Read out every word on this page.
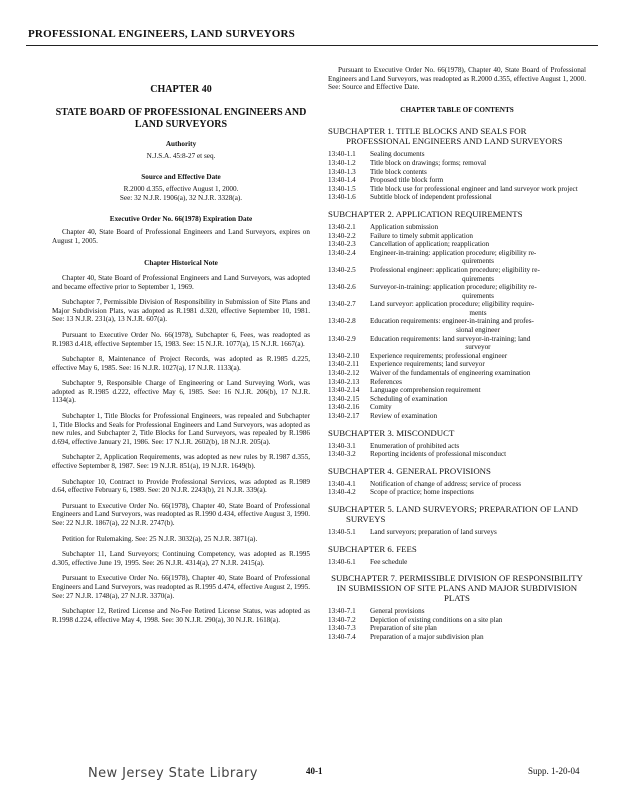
PROFESSIONAL ENGINEERS, LAND SURVEYORS
CHAPTER 40
STATE BOARD OF PROFESSIONAL ENGINEERS AND LAND SURVEYORS
Authority
N.J.S.A. 45:8-27 et seq.
Source and Effective Date
R.2000 d.355, effective August 1, 2000.
See: 32 N.J.R. 1906(a), 32 N.J.R. 3328(a).
Executive Order No. 66(1978) Expiration Date

Chapter 40, State Board of Professional Engineers and Land Surveyors, expires on August 1, 2005.

Chapter Historical Note

Chapter 40, State Board of Professional Engineers and Land Surveyors, was adopted and became effective prior to September 1, 1969.

Subchapter 7, Permissible Division of Responsibility in Submission of Site Plans and Major Subdivision Plats, was adopted as R.1981 d.320, effective September 10, 1981. See: 13 N.J.R. 231(a), 13 N.J.R. 607(a).

Pursuant to Executive Order No. 66(1978), Subchapter 6, Fees, was readopted as R.1983 d.418, effective September 15, 1983. See: 15 N.J.R. 1077(a), 15 N.J.R. 1667(a).

Subchapter 8, Maintenance of Project Records, was adopted as R.1985 d.225, effective May 6, 1985. See: 16 N.J.R. 1027(a), 17 N.J.R. 1133(a).

Subchapter 9, Responsible Charge of Engineering or Land Surveying Work, was adopted as R.1985 d.222, effective May 6, 1985. See: 16 N.J.R. 206(b), 17 N.J.R. 1134(a).

Subchapter 1, Title Blocks for Professional Engineers, was repealed and Subchapter 1, Title Blocks and Seals for Professional Engineers and Land Surveyors, was adopted as new rules, and Subchapter 2, Title Blocks for Land Surveyors, was repealed by R.1986 d.694, effective January 21, 1986. See: 17 N.J.R. 2602(b), 18 N.J.R. 205(a).

Subchapter 2, Application Requirements, was adopted as new rules by R.1987 d.355, effective September 8, 1987. See: 19 N.J.R. 851(a), 19 N.J.R. 1649(b).

Subchapter 10, Contract to Provide Professional Services, was adopted as R.1989 d.64, effective February 6, 1989. See: 20 N.J.R. 2243(b), 21 N.J.R. 339(a).

Pursuant to Executive Order No. 66(1978), Chapter 40, State Board of Professional Engineers and Land Surveyors, was readopted as R.1990 d.434, effective August 3, 1990. See: 22 N.J.R. 1867(a), 22 N.J.R. 2747(b).

Petition for Rulemaking. See: 25 N.J.R. 3032(a), 25 N.J.R. 3871(a).

Subchapter 11, Land Surveyors; Continuing Competency, was adopted as R.1995 d.305, effective June 19, 1995. See: 26 N.J.R. 4314(a), 27 N.J.R. 2415(a).

Pursuant to Executive Order No. 66(1978), Chapter 40, State Board of Professional Engineers and Land Surveyors, was readopted as R.1995 d.474, effective August 2, 1995. See: 27 N.J.R. 1748(a), 27 N.J.R. 3370(a).

Subchapter 12, Retired License and No-Fee Retired License Status, was adopted as R.1998 d.224, effective May 4, 1998. See: 30 N.J.R. 290(a), 30 N.J.R. 1618(a).

Pursuant to Executive Order No. 66(1978), Chapter 40, State Board of Professional Engineers and Land Surveyors, was readopted as R.2000 d.355, effective August 1, 2000. See: Source and Effective Date.

CHAPTER TABLE OF CONTENTS
SUBCHAPTER 1. TITLE BLOCKS AND SEALS FOR PROFESSIONAL ENGINEERS AND LAND SURVEYORS
13:40-1.1	Sealing documents
13:40-1.2	Title block on drawings; forms; removal
13:40-1.3	Title block contents
13:40-1.4	Proposed title block form
13:40-1.5	Title block use for professional engineer and land surveyor work project
13:40-1.6	Subtitle block of independent professional
SUBCHAPTER 2. APPLICATION REQUIREMENTS
13:40-2.1	Application submission
13:40-2.2	Failure to timely submit application
13:40-2.3	Cancellation of application; reapplication
13:40-2.4	Engineer-in-training: application procedure; eligibility re-
quirements
13:40-2.5	Professional engineer: application procedure; eligibility re-
quirements
13:40-2.6	Surveyor-in-training: application procedure; eligibility re-
quirements
13:40-2.7	Land surveyor: application procedure; eligibility require-
ments
13:40-2.8	Education requirements: engineer-in-training and profes-
sional engineer
13:40-2.9	Education requirements: land surveyor-in-training; land
surveyor
13:40-2.10	Experience requirements; professional engineer
13:40-2.11	Experience requirements; land surveyor
13:40-2.12	Waiver of the fundamentals of engineering examination
13:40-2.13	References
13:40-2.14	Language comprehension requirement
13:40-2.15	Scheduling of examination
13:40-2.16	Comity
13:40-2.17	Review of examination
SUBCHAPTER 3. MISCONDUCT
13:40-3.1	Enumeration of prohibited acts
13:40-3.2	Reporting incidents of professional misconduct
SUBCHAPTER 4. GENERAL PROVISIONS
13:40-4.1	Notification of change of address; service of process
13:40-4.2	Scope of practice; home inspections
SUBCHAPTER 5. LAND SURVEYORS; PREPARATION OF LAND SURVEYS
13:40-5.1	Land surveyors; preparation of land surveys
SUBCHAPTER 6. FEES
13:40-6.1	Fee schedule
SUBCHAPTER 7. PERMISSIBLE DIVISION OF RESPONSIBILITY IN SUBMISSION OF SITE PLANS AND MAJOR SUBDIVISION PLATS
13:40-7.1	General provisions
13:40-7.2	Depiction of existing conditions on a site plan
13:40-7.3	Preparation of site plan
13:40-7.4	Preparation of a major subdivision plan
New Jersey State Library	40-1	Supp. 1-20-04
